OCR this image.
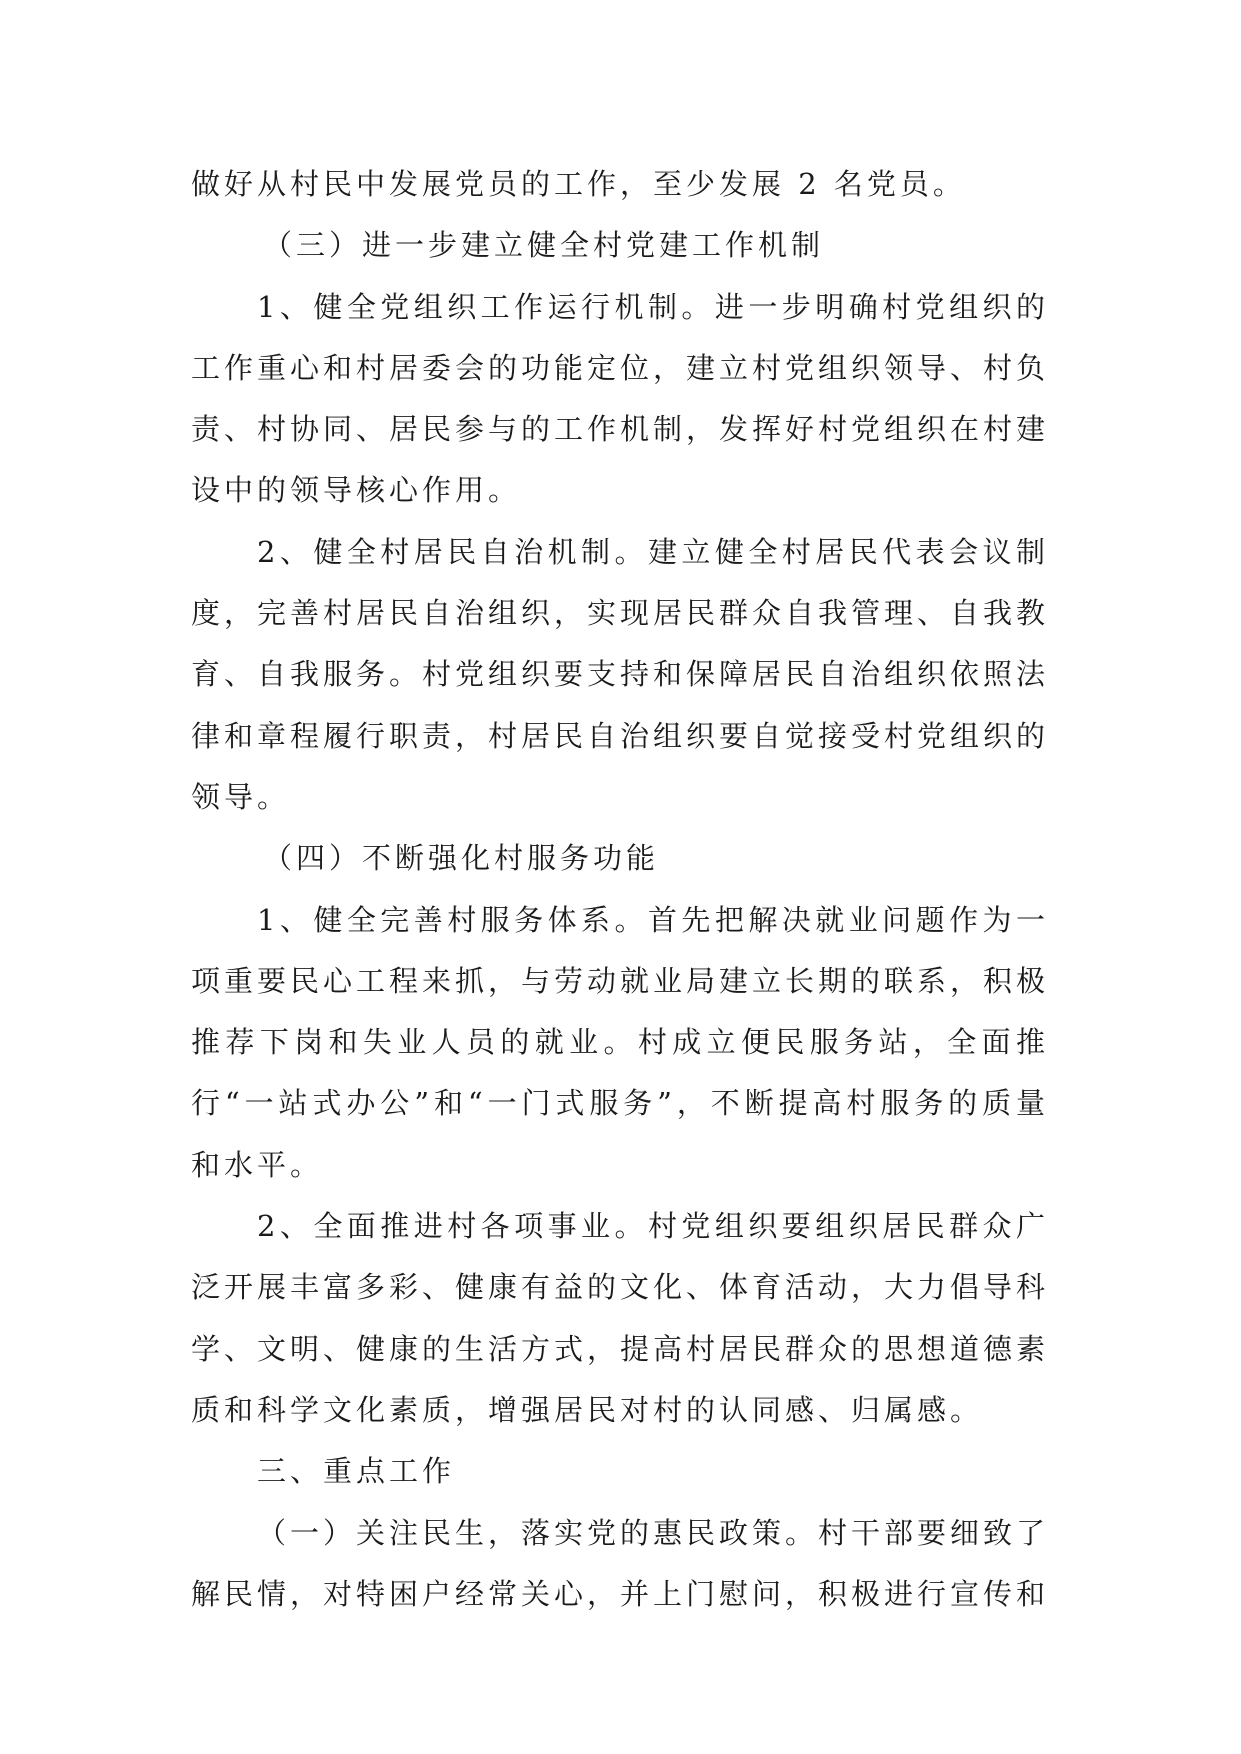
做好从村民中发展党员的工作，至少发展 2 名党员。

（三）进一步建立健全村党建工作机制

1、健全党组织工作运行机制。进一步明确村党组织的工作重心和村居委会的功能定位，建立村党组织领导、村负责、村协同、居民参与的工作机制，发挥好村党组织在村建设中的领导核心作用。

2、健全村居民自治机制。建立健全村居民代表会议制度，完善村居民自治组织，实现居民群众自我管理、自我教育、自我服务。村党组织要支持和保障居民自治组织依照法律和章程履行职责，村居民自治组织要自觉接受村党组织的领导。

（四）不断强化村服务功能

1、健全完善村服务体系。首先把解决就业问题作为一项重要民心工程来抓，与劳动就业局建立长期的联系，积极推荐下岗和失业人员的就业。村成立便民服务站，全面推行“一站式办公”和“一门式服务”，不断提高村服务的质量和水平。

2、全面推进村各项事业。村党组织要组织居民群众广泛开展丰富多彩、健康有益的文化、体育活动，大力倡导科学、文明、健康的生活方式，提高村居民群众的思想道德素质和科学文化素质，增强居民对村的认同感、归属感。

三、重点工作

（一）关注民生，落实党的惠民政策。村干部要细致了解民情，对特困户经常关心，并上门慰问，积极进行宣传和
